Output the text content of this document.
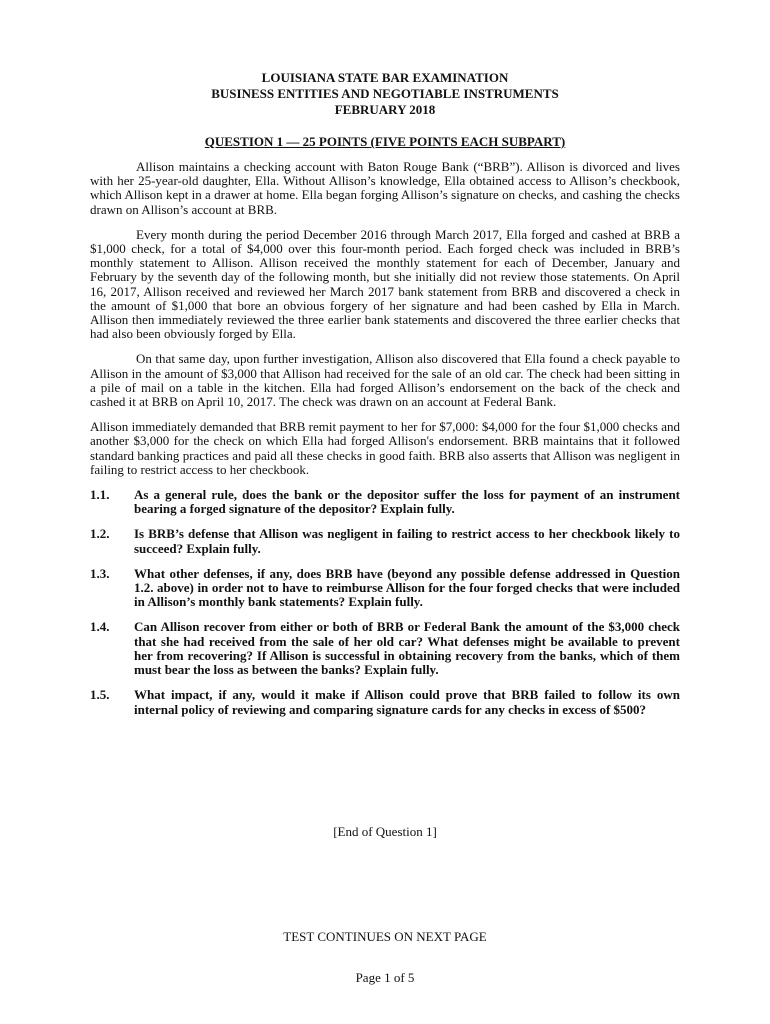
LOUISIANA STATE BAR EXAMINATION
BUSINESS ENTITIES AND NEGOTIABLE INSTRUMENTS
FEBRUARY 2018
QUESTION 1 — 25 POINTS (FIVE POINTS EACH SUBPART)

Allison maintains a checking account with Baton Rouge Bank (“BRB”). Allison is divorced and lives with her 25-year-old daughter, Ella. Without Allison’s knowledge, Ella obtained access to Allison’s checkbook, which Allison kept in a drawer at home. Ella began forging Allison’s signature on checks, and cashing the checks drawn on Allison’s account at BRB.

Every month during the period December 2016 through March 2017, Ella forged and cashed at BRB a $1,000 check, for a total of $4,000 over this four-month period. Each forged check was included in BRB’s monthly statement to Allison. Allison received the monthly statement for each of December, January and February by the seventh day of the following month, but she initially did not review those statements. On April 16, 2017, Allison received and reviewed her March 2017 bank statement from BRB and discovered a check in the amount of $1,000 that bore an obvious forgery of her signature and had been cashed by Ella in March. Allison then immediately reviewed the three earlier bank statements and discovered the three earlier checks that had also been obviously forged by Ella.

On that same day, upon further investigation, Allison also discovered that Ella found a check payable to Allison in the amount of $3,000 that Allison had received for the sale of an old car. The check had been sitting in a pile of mail on a table in the kitchen. Ella had forged Allison’s endorsement on the back of the check and cashed it at BRB on April 10, 2017. The check was drawn on an account at Federal Bank.

Allison immediately demanded that BRB remit payment to her for $7,000: $4,000 for the four $1,000 checks and another $3,000 for the check on which Ella had forged Allison's endorsement. BRB maintains that it followed standard banking practices and paid all these checks in good faith. BRB also asserts that Allison was negligent in failing to restrict access to her checkbook.

1.1.	As a general rule, does the bank or the depositor suffer the loss for payment of an instrument bearing a forged signature of the depositor? Explain fully.
1.2.	Is BRB’s defense that Allison was negligent in failing to restrict access to her checkbook likely to succeed? Explain fully.
1.3.	What other defenses, if any, does BRB have (beyond any possible defense addressed in Question 1.2. above) in order not to have to reimburse Allison for the four forged checks that were included in Allison’s monthly bank statements? Explain fully.
1.4.	Can Allison recover from either or both of BRB or Federal Bank the amount of the $3,000 check that she had received from the sale of her old car? What defenses might be available to prevent her from recovering? If Allison is successful in obtaining recovery from the banks, which of them must bear the loss as between the banks? Explain fully.
1.5.	What impact, if any, would it make if Allison could prove that BRB failed to follow its own internal policy of reviewing and comparing signature cards for any checks in excess of $500?
[End of Question 1]
TEST CONTINUES ON NEXT PAGE
Page 1 of 5
